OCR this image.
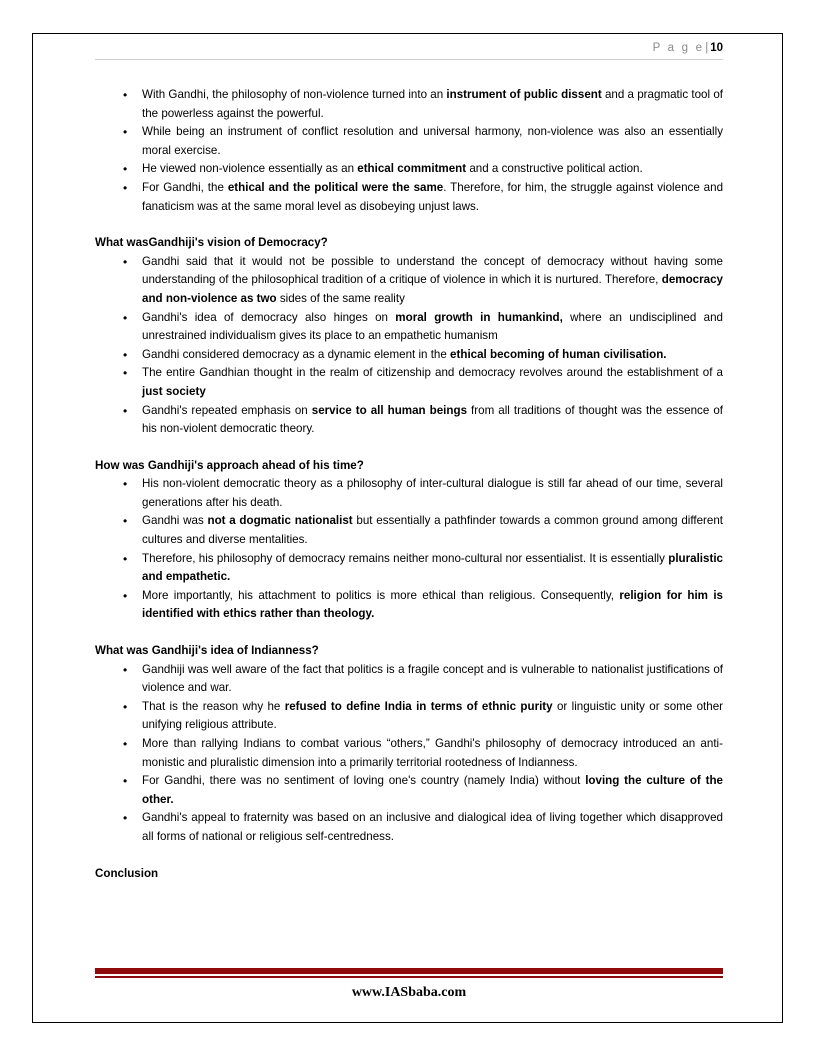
P a g e| 10
• With Gandhi, the philosophy of non-violence turned into an instrument of public dissent and a pragmatic tool of the powerless against the powerful.
• While being an instrument of conflict resolution and universal harmony, non-violence was also an essentially moral exercise.
• He viewed non-violence essentially as an ethical commitment and a constructive political action.
• For Gandhi, the ethical and the political were the same. Therefore, for him, the struggle against violence and fanaticism was at the same moral level as disobeying unjust laws.
What wasGandhiji's vision of Democracy?
• Gandhi said that it would not be possible to understand the concept of democracy without having some understanding of the philosophical tradition of a critique of violence in which it is nurtured. Therefore, democracy and non-violence as two sides of the same reality
• Gandhi's idea of democracy also hinges on moral growth in humankind, where an undisciplined and unrestrained individualism gives its place to an empathetic humanism
• Gandhi considered democracy as a dynamic element in the ethical becoming of human civilisation.
• The entire Gandhian thought in the realm of citizenship and democracy revolves around the establishment of a just society
• Gandhi's repeated emphasis on service to all human beings from all traditions of thought was the essence of his non-violent democratic theory.
How was Gandhiji's approach ahead of his time?
• His non-violent democratic theory as a philosophy of inter-cultural dialogue is still far ahead of our time, several generations after his death.
• Gandhi was not a dogmatic nationalist but essentially a pathfinder towards a common ground among different cultures and diverse mentalities.
• Therefore, his philosophy of democracy remains neither mono-cultural nor essentialist. It is essentially pluralistic and empathetic.
• More importantly, his attachment to politics is more ethical than religious. Consequently, religion for him is identified with ethics rather than theology.
What was Gandhiji's idea of Indianness?
• Gandhiji was well aware of the fact that politics is a fragile concept and is vulnerable to nationalist justifications of violence and war.
• That is the reason why he refused to define India in terms of ethnic purity or linguistic unity or some other unifying religious attribute.
• More than rallying Indians to combat various “others,” Gandhi's philosophy of democracy introduced an anti-monistic and pluralistic dimension into a primarily territorial rootedness of Indianness.
• For Gandhi, there was no sentiment of loving one's country (namely India) without loving the culture of the other.
• Gandhi's appeal to fraternity was based on an inclusive and dialogical idea of living together which disapproved all forms of national or religious self-centredness.
Conclusion
www.IASbaba.com
